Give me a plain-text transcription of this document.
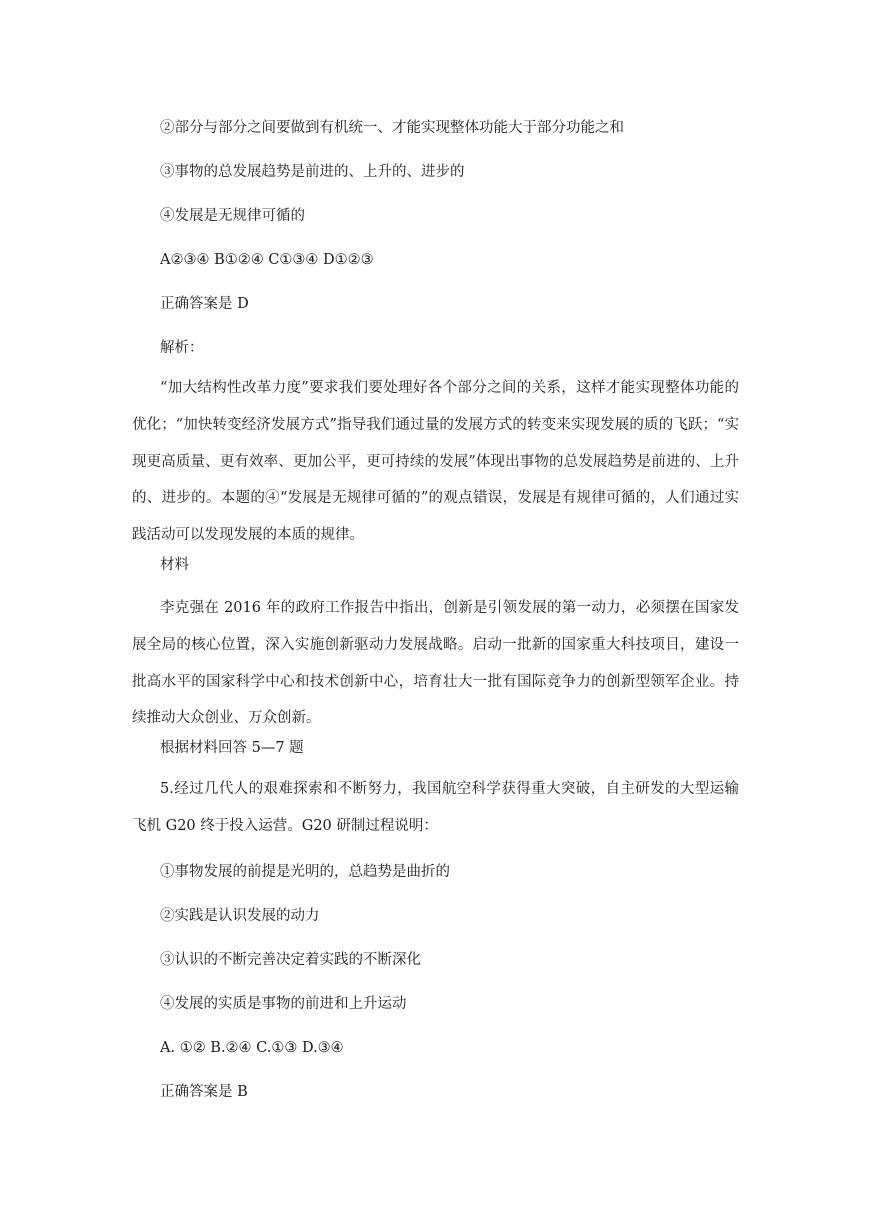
②部分与部分之间要做到有机统一、才能实现整体功能大于部分功能之和
③事物的总发展趋势是前进的、上升的、进步的
④发展是无规律可循的
A②③④ B①②④ C①③④ D①②③
正确答案是 D
解析：

“加大结构性改革力度”要求我们要处理好各个部分之间的关系，这样才能实现整体功能的优化；“加快转变经济发展方式”指导我们通过量的发展方式的转变来实现发展的质的飞跃；“实现更高质量、更有效率、更加公平，更可持续的发展”体现出事物的总发展趋势是前进的、上升的、进步的。本题的④“发展是无规律可循的”的观点错误，发展是有规律可循的，人们通过实践活动可以发现发展的本质的规律。

材料

李克强在 2016 年的政府工作报告中指出，创新是引领发展的第一动力，必须摆在国家发展全局的核心位置，深入实施创新驱动力发展战略。启动一批新的国家重大科技项目，建设一批高水平的国家科学中心和技术创新中心，培育壮大一批有国际竞争力的创新型领军企业。持续推动大众创业、万众创新。

根据材料回答 5—7 题

5.经过几代人的艰难探索和不断努力，我国航空科学获得重大突破，自主研发的大型运输飞机 G20 终于投入运营。G20 研制过程说明：

①事物发展的前提是光明的，总趋势是曲折的
②实践是认识发展的动力
③认识的不断完善决定着实践的不断深化
④发展的实质是事物的前进和上升运动
A. ①② B.②④ C.①③ D.③④
正确答案是 B
